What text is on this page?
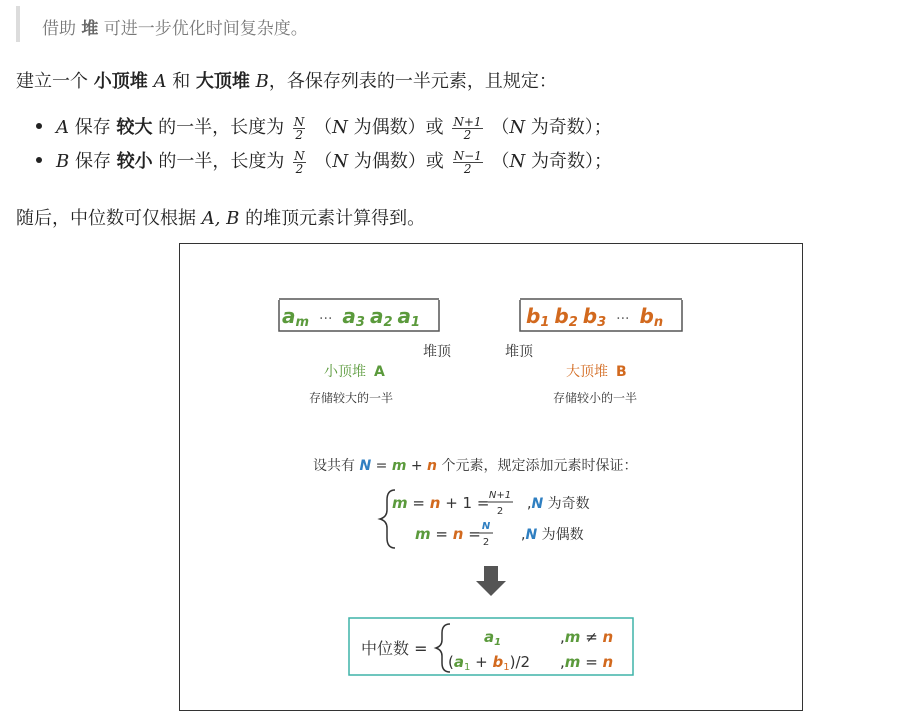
借助 堆 可进一步优化时间复杂度。
建立一个 小顶堆 A 和 大顶堆 B，各保存列表的一半元素，且规定：
A 保存 较大 的一半，长度为 $\frac{N}{2} (N$ 为偶数）或 $\frac{N+1}{2} (N$ 为奇数）；
B 保存 较小 的一半，长度为 $\frac{N}{2} (N$ 为偶数）或 $\frac{N-1}{2} (N$ 为奇数）；
随后，中位数可仅根据 A, B 的堆顶元素计算得到。
am ··· a3 a2 a1	b1 b2 b3 ··· bn
堆顶	堆顶
小顶堆 A	大顶堆 B
存储较大的一半	存储较小的一半
设共有 N = m + n 个元素，规定添加元素时保证：
m = n + 1 = N+1
2 ,N 为奇数
m = n = N
2 ,N 为偶数
中位数 =
$a_1$	,m ≠ n
$(a_1 + b_1)/2$ ,m = n
